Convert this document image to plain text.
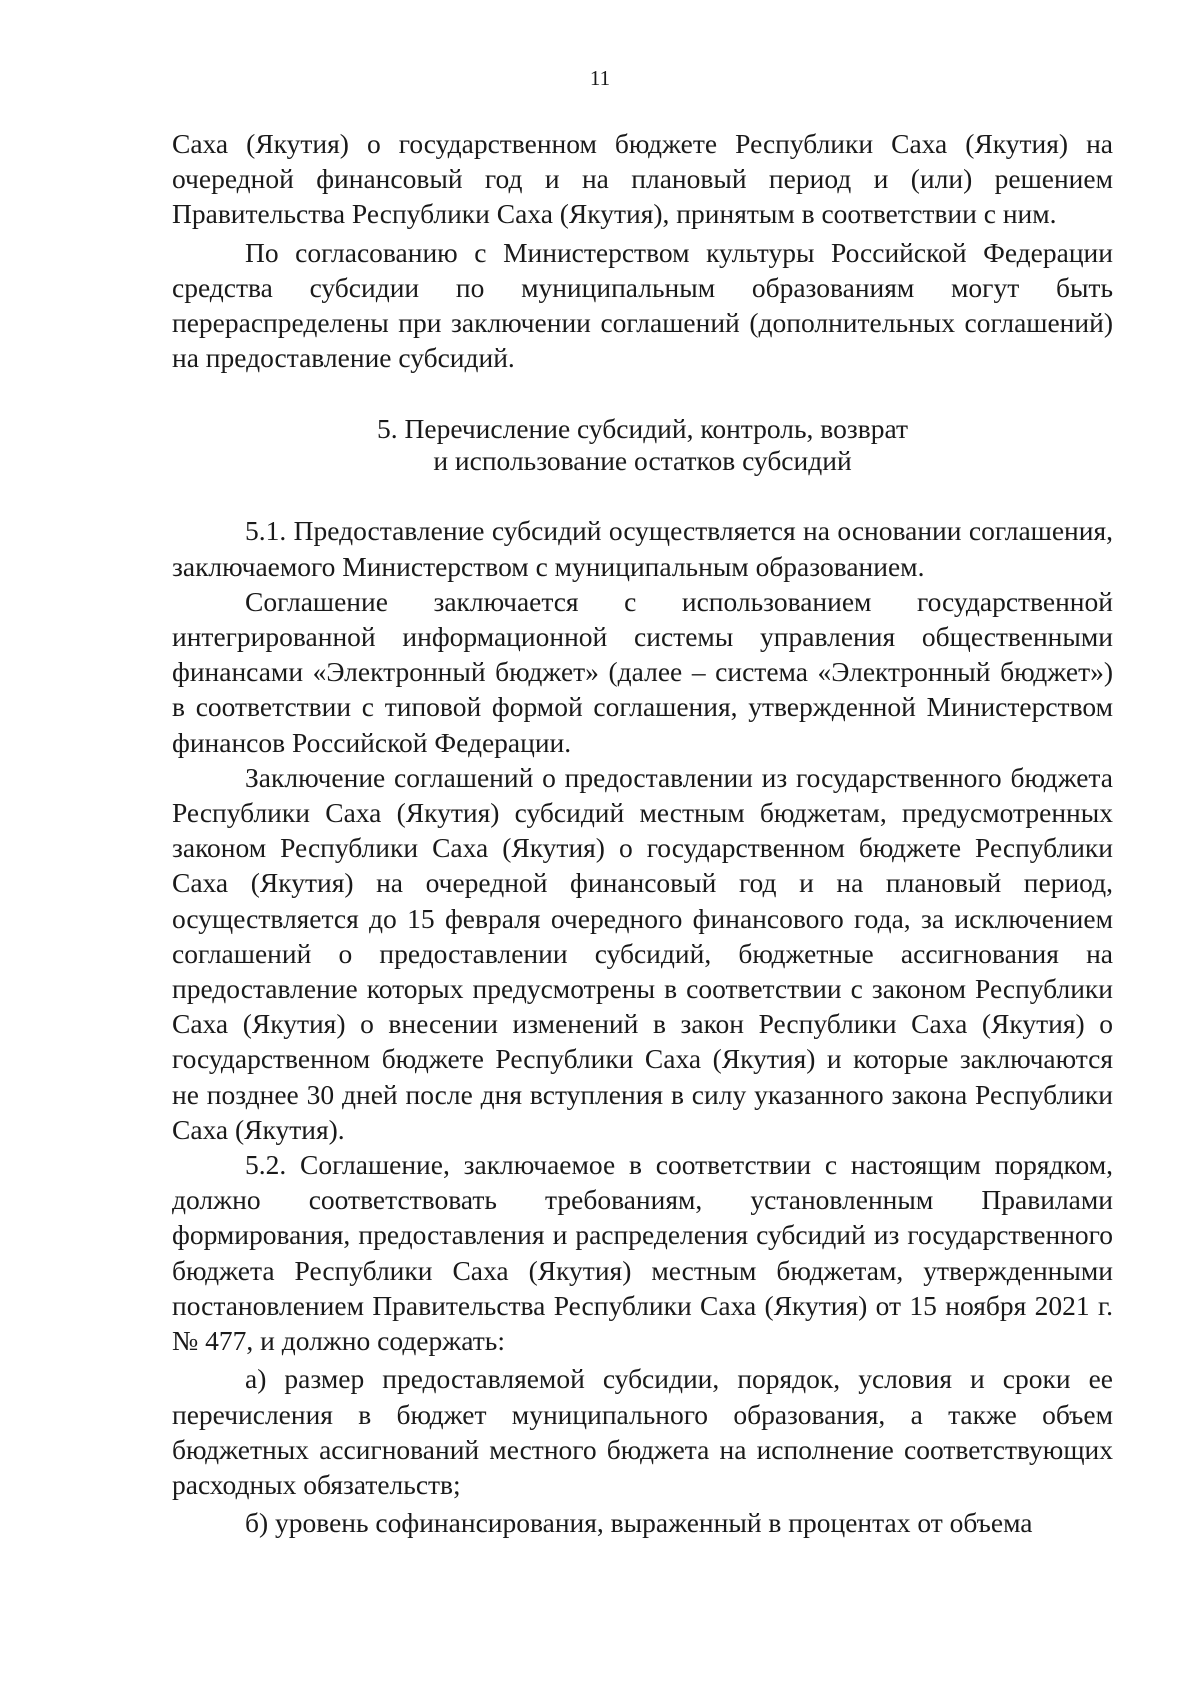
11

Саха (Якутия) о государственном бюджете Республики Саха (Якутия) на очередной финансовый год и на плановый период и (или) решением Правительства Республики Саха (Якутия), принятым в соответствии с ним.

По согласованию с Министерством культуры Российской Федерации средства субсидии по муниципальным образованиям могут быть перераспределены при заключении соглашений (дополнительных соглашений) на предоставление субсидий.

5. Перечисление субсидий, контроль, возврат
и использование остатков субсидий

5.1. Предоставление субсидий осуществляется на основании соглашения, заключаемого Министерством с муниципальным образованием.

Соглашение заключается с использованием государственной интегрированной информационной системы управления общественными финансами «Электронный бюджет» (далее – система «Электронный бюджет») в соответствии с типовой формой соглашения, утвержденной Министерством финансов Российской Федерации.

Заключение соглашений о предоставлении из государственного бюджета Республики Саха (Якутия) субсидий местным бюджетам, предусмотренных законом Республики Саха (Якутия) о государственном бюджете Республики Саха (Якутия) на очередной финансовый год и на плановый период, осуществляется до 15 февраля очередного финансового года, за исключением соглашений о предоставлении субсидий, бюджетные ассигнования на предоставление которых предусмотрены в соответствии с законом Республики Саха (Якутия) о внесении изменений в закон Республики Саха (Якутия) о государственном бюджете Республики Саха (Якутия) и которые заключаются не позднее 30 дней после дня вступления в силу указанного закона Республики Саха (Якутия).

5.2. Соглашение, заключаемое в соответствии с настоящим порядком, должно соответствовать требованиям, установленным Правилами формирования, предоставления и распределения субсидий из государственного бюджета Республики Саха (Якутия) местным бюджетам, утвержденными постановлением Правительства Республики Саха (Якутия) от 15 ноября 2021 г. № 477, и должно содержать:

а) размер предоставляемой субсидии, порядок, условия и сроки ее перечисления в бюджет муниципального образования, а также объем бюджетных ассигнований местного бюджета на исполнение соответствующих расходных обязательств;

б) уровень софинансирования, выраженный в процентах от объема
